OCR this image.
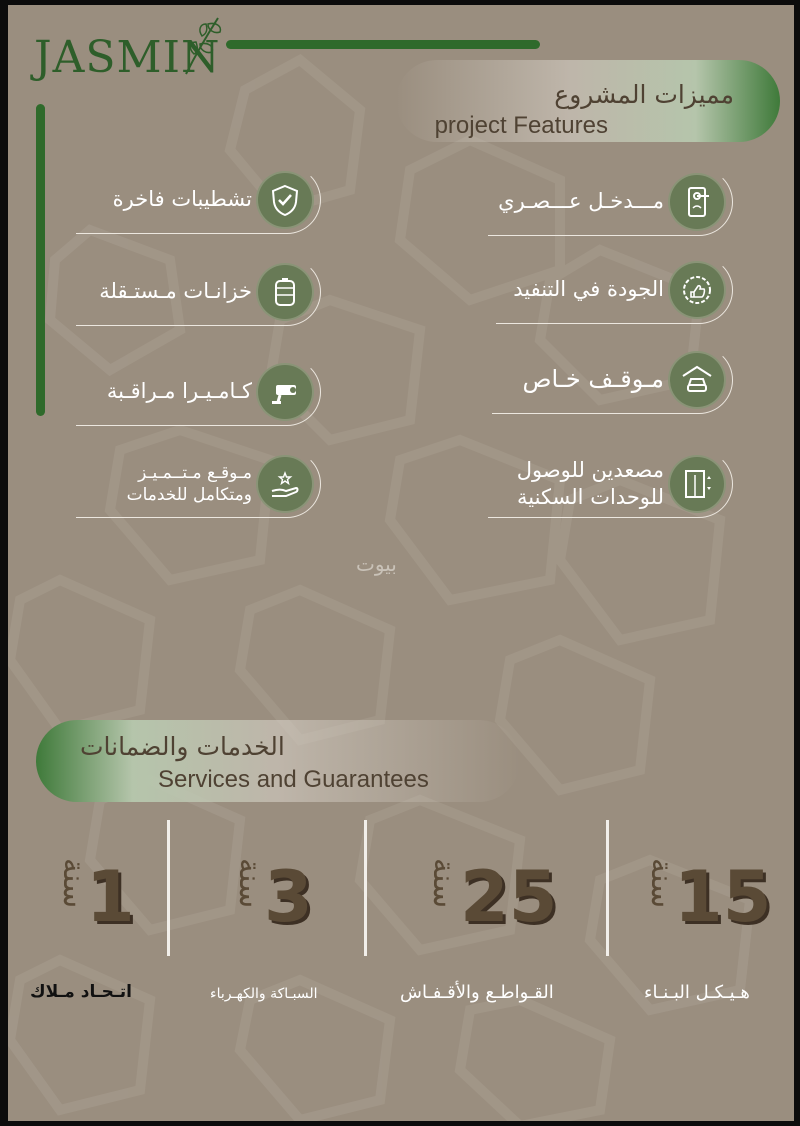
JASMIN
مميزات المشروع
project Features
تشطيبات فاخرة	مـــدخـل عـــصـري
خزانـات مـستـقلة	الجودة في التنفيد
كـامـيـرا مـراقـبة	مـوقـف خـاص
مـوقـع مـتــمـيـز
ومتكامل للخدمات
مصعدين للوصول
للوحدات السكنية
بيوت
الخدمات والضمانات
Services and Guarantees
سنة
1
اتـحـاد مـلاك
سنة
3
السبـاكة والكهـرباء
سنة 25
القـواطـع والأقـفـاش
سنة
15
هـيـكـل البـنـاء
